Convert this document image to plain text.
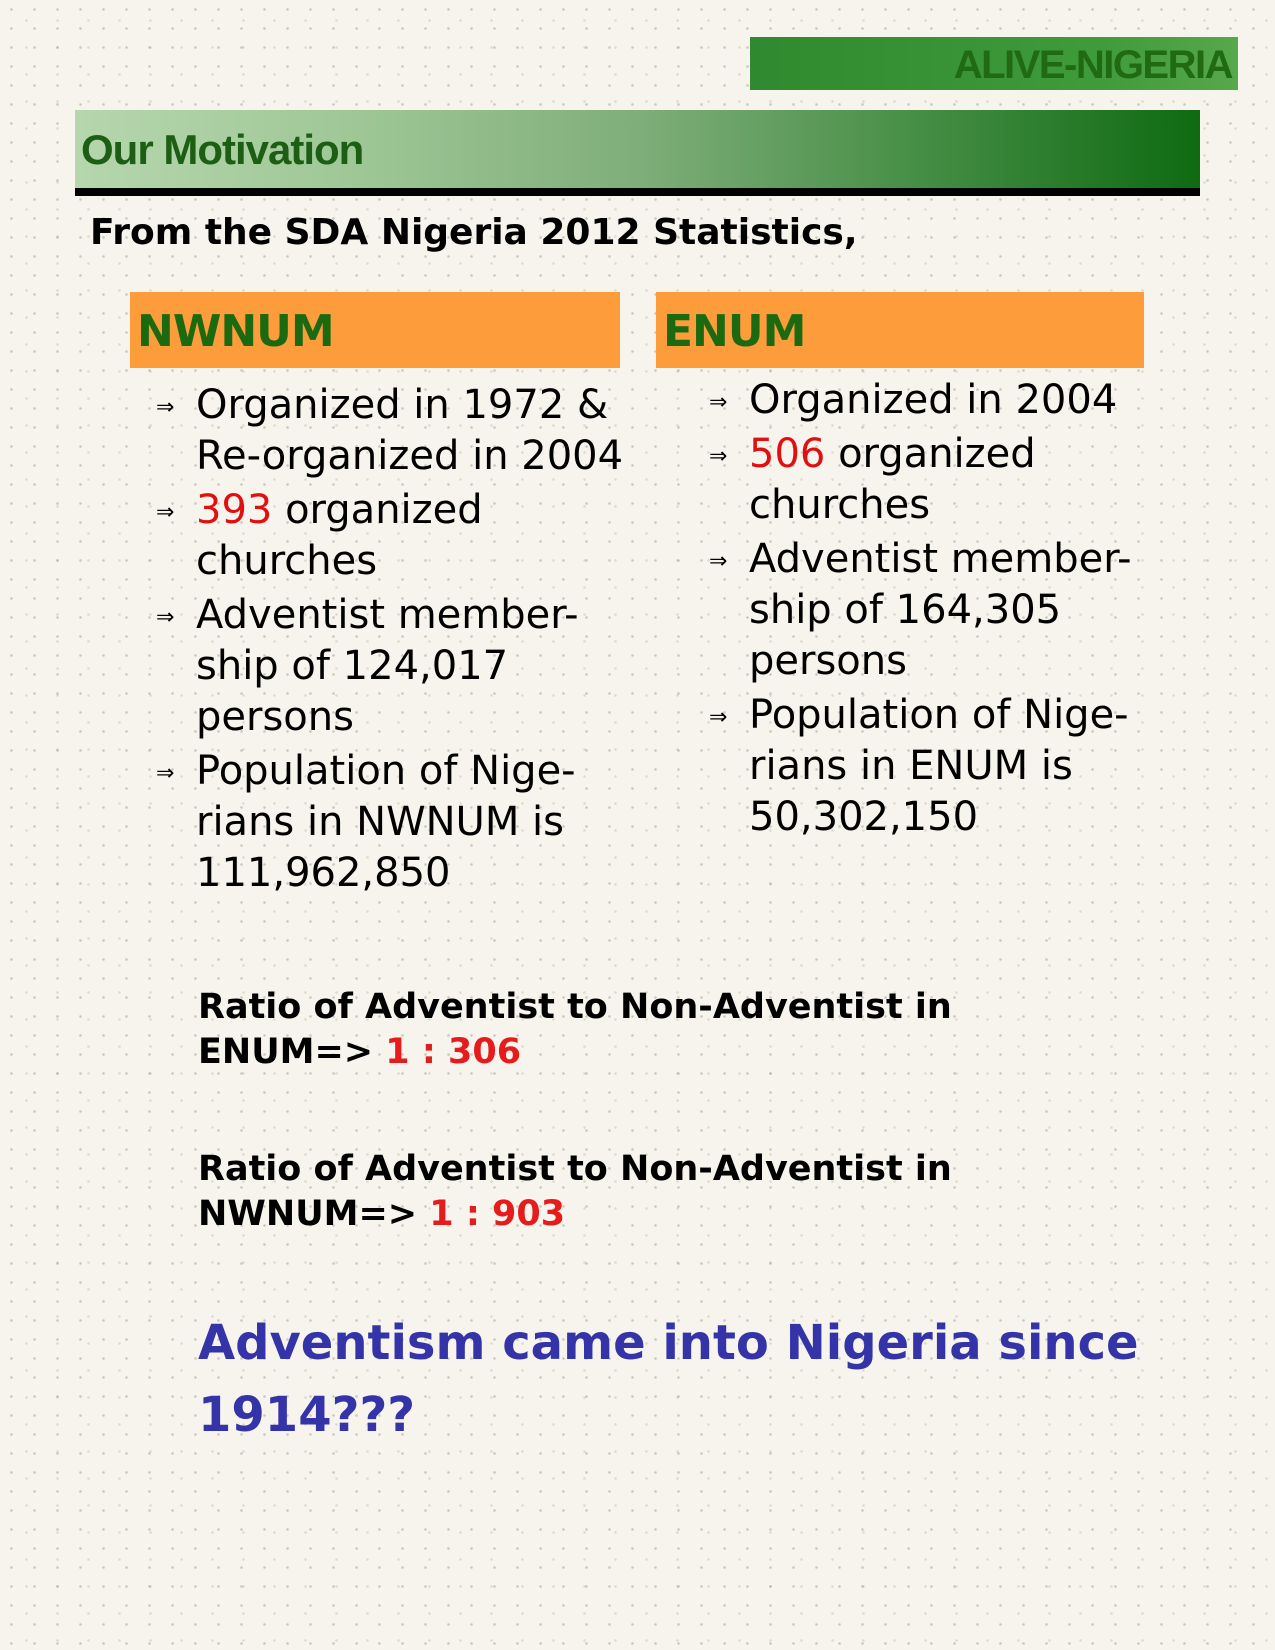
ALIVE-NIGERIA
Our Motivation
From the SDA Nigeria 2012 Statistics,
NWNUM
⇒ Organized in 1972 & Re-organized in 2004
⇒ 393 organized churches
⇒ Adventist member-ship of 124,017 persons
⇒ Population of Nige-rians in NWNUM is 111,962,850
ENUM
⇒ Organized in 2004
⇒ 506 organized churches
⇒ Adventist member-ship of 164,305 persons
⇒ Population of Nige-rians in ENUM is 50,302,150
Ratio of Adventist to Non-Adventist in
ENUM=> 1 : 306
Ratio of Adventist to Non-Adventist in
NWNUM=> 1 : 903
Adventism came into Nigeria since 1914???
